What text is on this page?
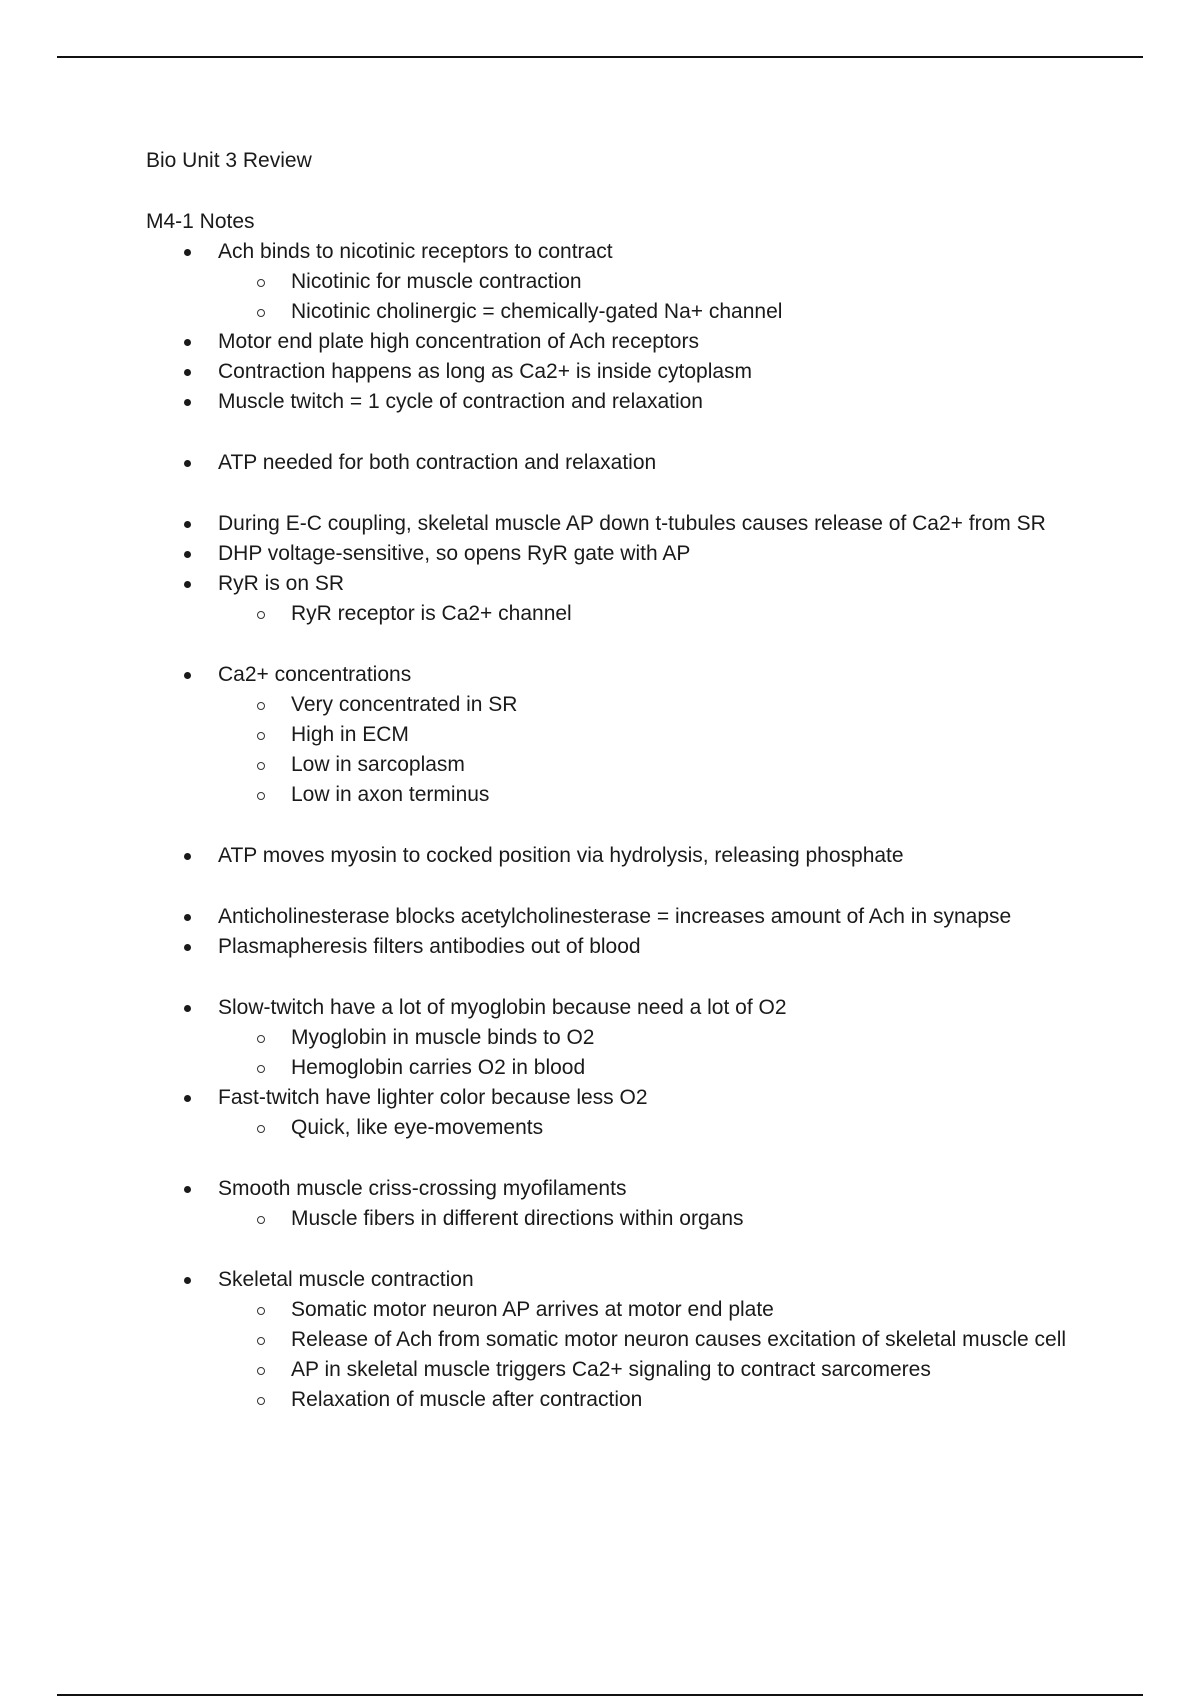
Bio Unit 3 Review
M4-1 Notes
Ach binds to nicotinic receptors to contract
Nicotinic for muscle contraction
Nicotinic cholinergic = chemically-gated Na+ channel
Motor end plate high concentration of Ach receptors
Contraction happens as long as Ca2+ is inside cytoplasm
Muscle twitch = 1 cycle of contraction and relaxation
ATP needed for both contraction and relaxation
During E-C coupling, skeletal muscle AP down t-tubules causes release of Ca2+ from SR
DHP voltage-sensitive, so opens RyR gate with AP
RyR is on SR
RyR receptor is Ca2+ channel
Ca2+ concentrations
Very concentrated in SR
High in ECM
Low in sarcoplasm
Low in axon terminus
ATP moves myosin to cocked position via hydrolysis, releasing phosphate
Anticholinesterase blocks acetylcholinesterase = increases amount of Ach in synapse
Plasmapheresis filters antibodies out of blood
Slow-twitch have a lot of myoglobin because need a lot of O2
Myoglobin in muscle binds to O2
Hemoglobin carries O2 in blood
Fast-twitch have lighter color because less O2
Quick, like eye-movements
Smooth muscle criss-crossing myofilaments
Muscle fibers in different directions within organs
Skeletal muscle contraction
Somatic motor neuron AP arrives at motor end plate
Release of Ach from somatic motor neuron causes excitation of skeletal muscle cell
AP in skeletal muscle triggers Ca2+ signaling to contract sarcomeres
Relaxation of muscle after contraction
